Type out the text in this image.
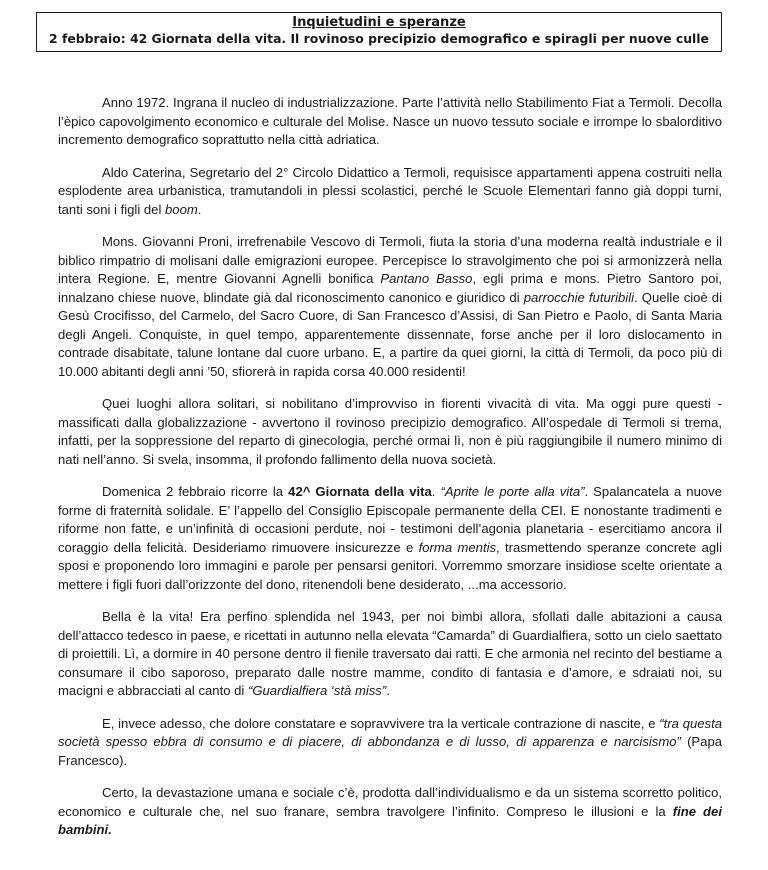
Inquietudini e speranze
2 febbraio: 42 Giornata della vita. Il rovinoso precipizio demografico e spiragli per nuove culle

Anno 1972. Ingrana il nucleo di industrializzazione. Parte l’attività nello Stabilimento Fiat a Termoli. Decolla l’èpico capovolgimento economico e culturale del Molise. Nasce un nuovo tessuto sociale e irrompe lo sbalorditivo incremento demografico soprattutto nella città adriatica.

Aldo Caterina, Segretario del 2° Circolo Didattico a Termoli, requisisce appartamenti appena costruiti nella esplodente area urbanistica, tramutandoli in plessi scolastici, perché le Scuole Elementari fanno già doppi turni, tanti soni i figli del boom.

Mons. Giovanni Proni, irrefrenabile Vescovo di Termoli, fiuta la storia d’una moderna realtà industriale e il biblico rimpatrio di molisani dalle emigrazioni europee. Percepisce lo stravolgimento che poi si armonizzerà nella intera Regione. E, mentre Giovanni Agnelli bonifica Pantano Basso, egli prima e mons. Pietro Santoro poi, innalzano chiese nuove, blindate già dal riconoscimento canonico e giuridico di parrocchie futuribili. Quelle cioè di Gesù Crocifisso, del Carmelo, del Sacro Cuore, di San Francesco d’Assisi, di San Pietro e Paolo, di Santa Maria degli Angeli. Conquiste, in quel tempo, apparentemente dissennate, forse anche per il loro dislocamento in contrade disabitate, talune lontane dal cuore urbano. E, a partire da quei giorni, la città di Termoli, da poco più di 10.000 abitanti degli anni ’50, sfiorerà in rapida corsa 40.000 residenti!

Quei luoghi allora solitari, si nobilitano d’improvviso in fiorenti vivacità di vita. Ma oggi pure questi - massificati dalla globalizzazione - avvertono il rovinoso precipizio demografico. All’ospedale di Termoli si trema, infatti, per la soppressione del reparto di ginecologia, perché ormai lì, non è più raggiungibile il numero minimo di nati nell’anno. Si svela, insomma, il profondo fallimento della nuova società.

Domenica 2 febbraio ricorre la 42^ Giornata della vita. “Aprite le porte alla vita”. Spalancatela a nuove forme di fraternità solidale. E’ l’appello del Consiglio Episcopale permanente della CEI. E nonostante tradimenti e riforme non fatte, e un’infinità di occasioni perdute, noi - testimoni dell’agonia planetaria - esercitiamo ancora il coraggio della felicità. Desideriamo rimuovere insicurezze e forma mentis, trasmettendo speranze concrete agli sposi e proponendo loro immagini e parole per pensarsi genitori. Vorremmo smorzare insidiose scelte orientate a mettere i figli fuori dall’orizzonte del dono, ritenendoli bene desiderato, ...ma accessorio.

Bella è la vita! Era perfino splendida nel 1943, per noi bimbi allora, sfollati dalle abitazioni a causa dell’attacco tedesco in paese, e ricettati in autunno nella elevata “Camarda” di Guardialfiera, sotto un cielo saettato di proiettili. Lì, a dormire in 40 persone dentro il fienile traversato dai ratti. E che armonia nel recinto del bestiame a consumare il cibo saporoso, preparato dalle nostre mamme, condito di fantasia e d’amore, e sdraiati noi, su macigni e abbracciati al canto di “Guardialfiera ‘stà miss”.

E, invece adesso, che dolore constatare e sopravvivere tra la verticale contrazione di nascite, e “tra questa società spesso ebbra di consumo e di piacere, di abbondanza e di lusso, di apparenza e narcisismo” (Papa Francesco).

Certo, la devastazione umana e sociale c’è, prodotta dall’individualismo e da un sistema scorretto politico, economico e culturale che, nel suo franare, sembra travolgere l’infinito. Compreso le illusioni e la fine dei bambini.
